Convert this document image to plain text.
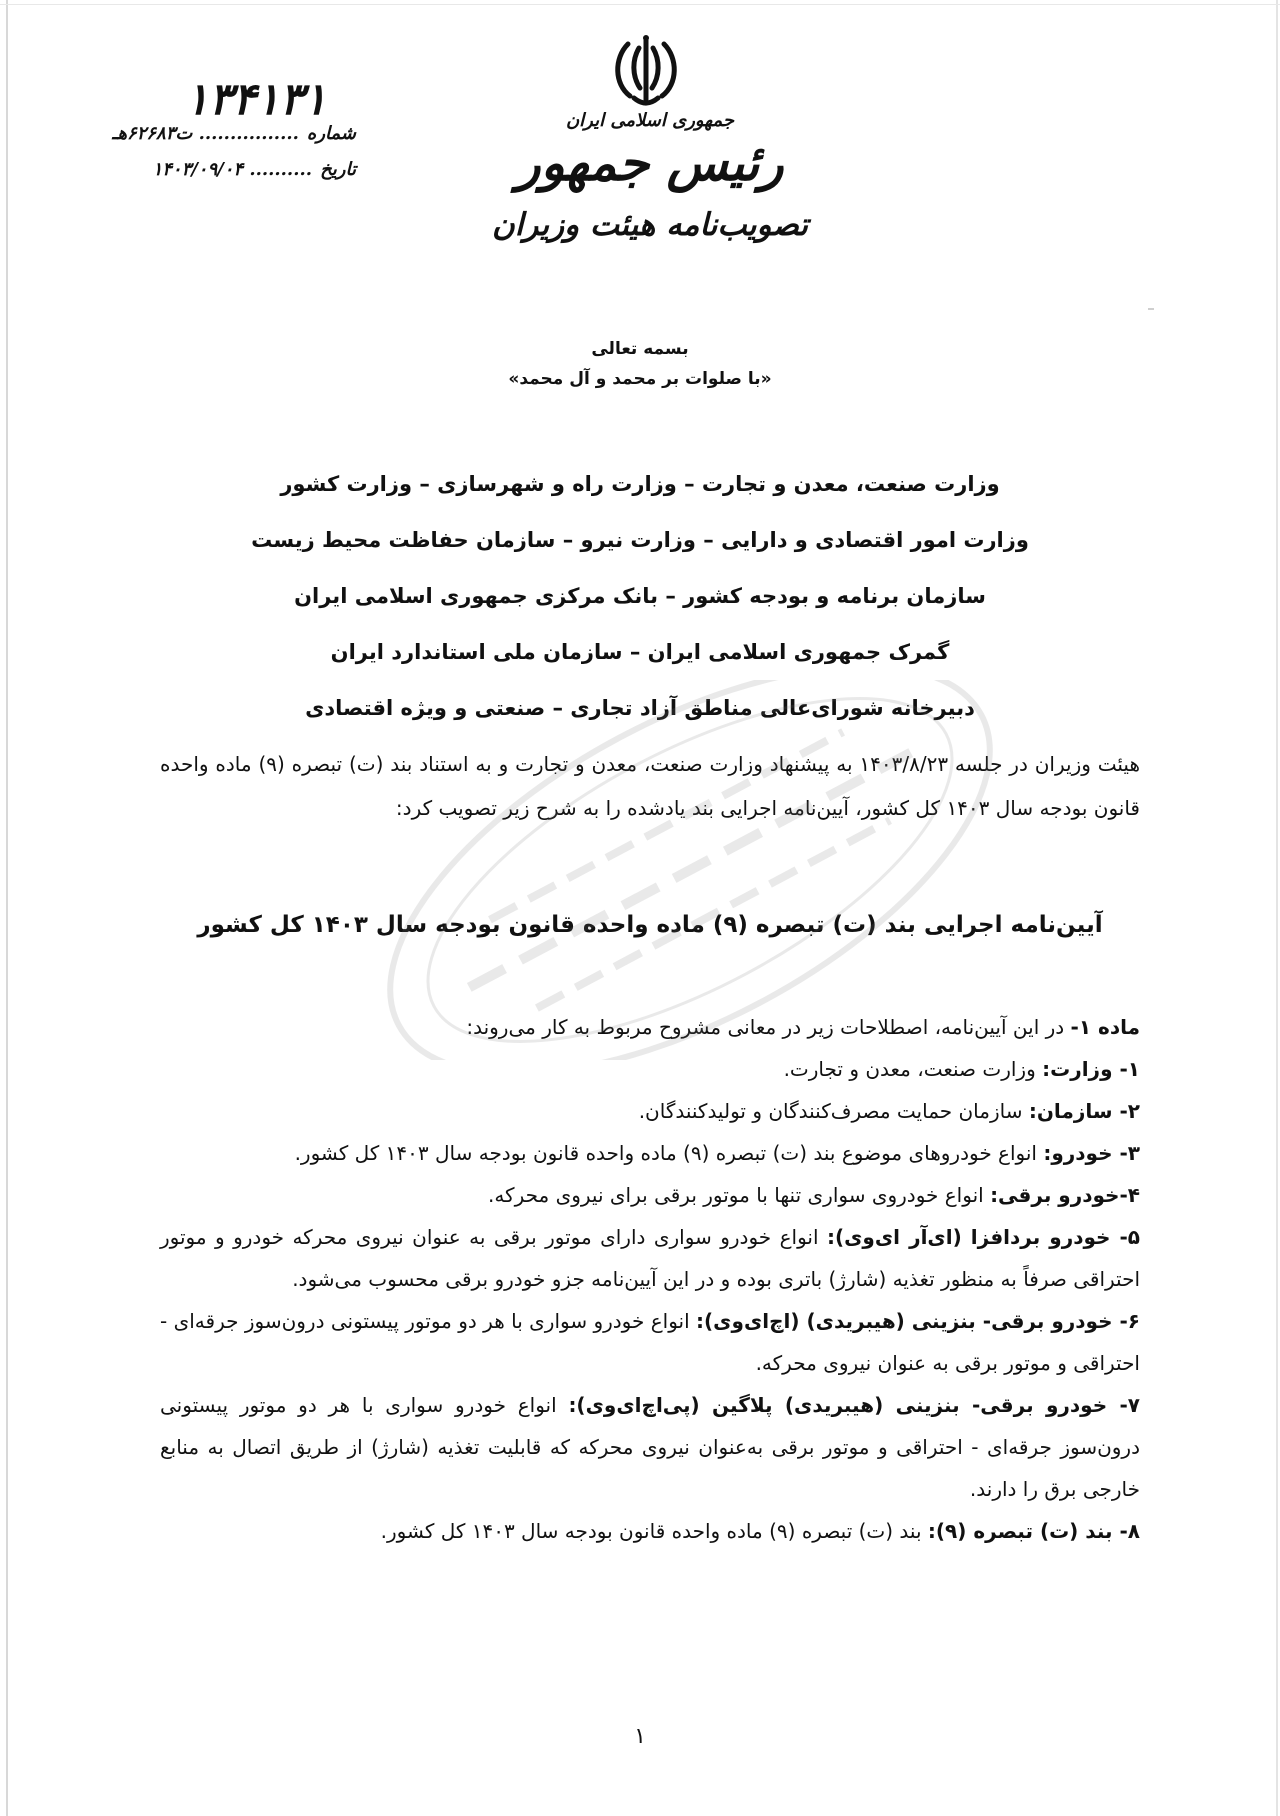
جمهوری اسلامی ایران
رئیس جمهور
تصویب‌نامه هیئت وزیران
۱۳۴۱۳۱
شماره
ت۶۲۶۸۳هـ ................
تاریخ
۱۴۰۳/۰۹/۰۴ ..........
بسمه تعالی
«با صلوات بر محمد و آل محمد»
وزارت صنعت، معدن و تجارت – وزارت راه و شهرسازی – وزارت کشور
وزارت امور اقتصادی و دارایی – وزارت نیرو – سازمان حفاظت محیط زیست
سازمان برنامه و بودجه کشور – بانک مرکزی جمهوری اسلامی ایران
گمرک جمهوری اسلامی ایران – سازمان ملی استاندارد ایران
دبیرخانه شورای‌عالی مناطق آزاد تجاری – صنعتی و ویژه اقتصادی
هیئت وزیران در جلسه ۱۴۰۳/۸/۲۳ به پیشنهاد وزارت صنعت، معدن و تجارت و به استناد بند (ت) تبصره (۹) ماده واحده قانون بودجه سال ۱۴۰۳ کل کشور، آیین‌نامه اجرایی بند یادشده را به شرح زیر تصویب کرد:
آیین‌نامه اجرایی بند (ت) تبصره (۹) ماده واحده قانون بودجه سال ۱۴۰۳ کل کشور

ماده ۱- در این آیین‌نامه، اصطلاحات زیر در معانی مشروح مربوط به کار می‌روند:

۱- وزارت: وزارت صنعت، معدن و تجارت.

۲- سازمان: سازمان حمایت مصرف‌کنندگان و تولیدکنندگان.

۳- خودرو: انواع خودروهای موضوع بند (ت) تبصره (۹) ماده واحده قانون بودجه سال ۱۴۰۳ کل کشور.

۴-خودرو برقی: انواع خودروی سواری تنها با موتور برقی برای نیروی محرکه.

۵- خودرو بردافزا (ای‌آر ای‌وی): انواع خودرو سواری دارای موتور برقی به عنوان نیروی محرکه خودرو و موتور احتراقی صرفاً به منظور تغذیه (شارژ) باتری بوده و در این آیین‌نامه جزو خودرو برقی محسوب می‌شود.

۶- خودرو برقی- بنزینی (هیبریدی) (اچ‌ای‌وی): انواع خودرو سواری با هر دو موتور پیستونی درون‌سوز جرقه‌ای - احتراقی و موتور برقی به عنوان نیروی محرکه.

۷- خودرو برقی- بنزینی (هیبریدی) پلاگین (پی‌اچ‌ای‌وی): انواع خودرو سواری با هر دو موتور پیستونی درون‌سوز جرقه‌ای - احتراقی و موتور برقی به‌عنوان نیروی محرکه که قابلیت تغذیه (شارژ) از طریق اتصال به منابع خارجی برق را دارند.

۸- بند (ت) تبصره (۹): بند (ت) تبصره (۹) ماده واحده قانون بودجه سال ۱۴۰۳ کل کشور.

۱
